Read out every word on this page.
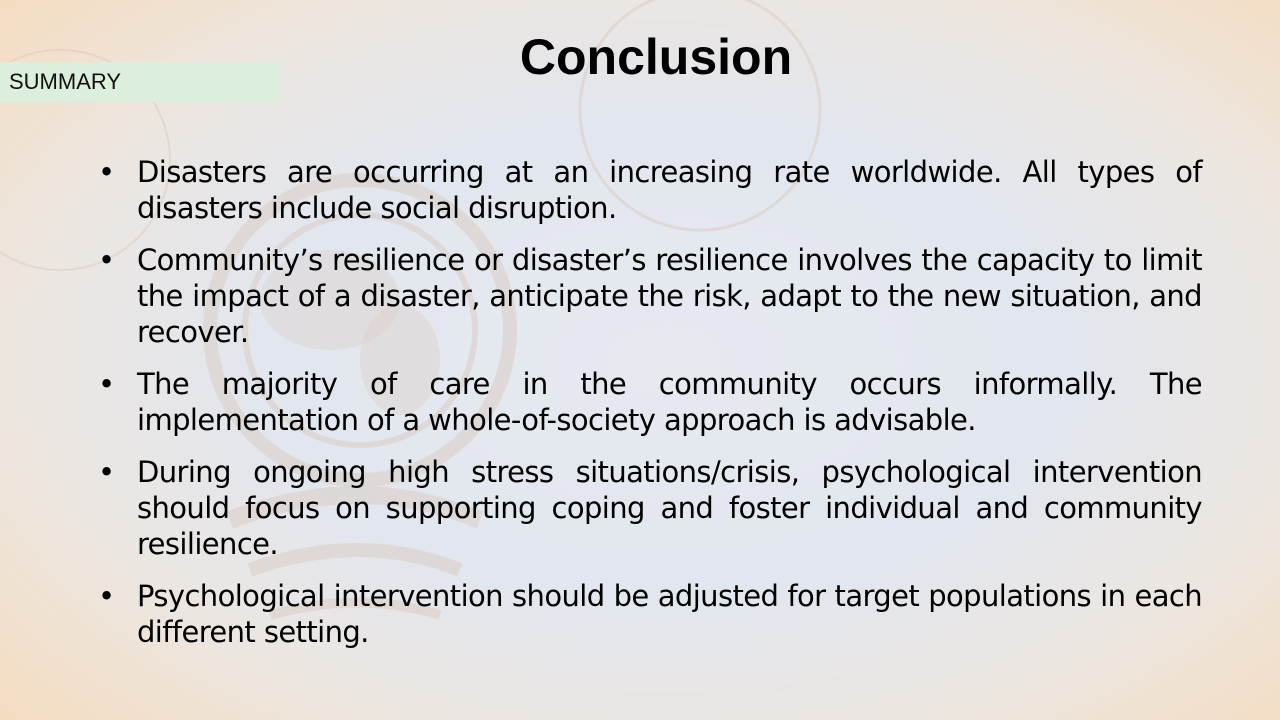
SUMMARY	Conclusion
• Disasters are occurring at an increasing rate worldwide. All types of disasters include social disruption.
• Community’s resilience or disaster’s resilience involves the capacity to limit the impact of a disaster, anticipate the risk, adapt to the new situation, and recover.
• The majority of care in the community occurs informally. The implementation of a whole-of-society approach is advisable.
• During ongoing high stress situations/crisis, psychological intervention should focus on supporting coping and foster individual and community resilience.
• Psychological intervention should be adjusted for target populations in each different setting.
